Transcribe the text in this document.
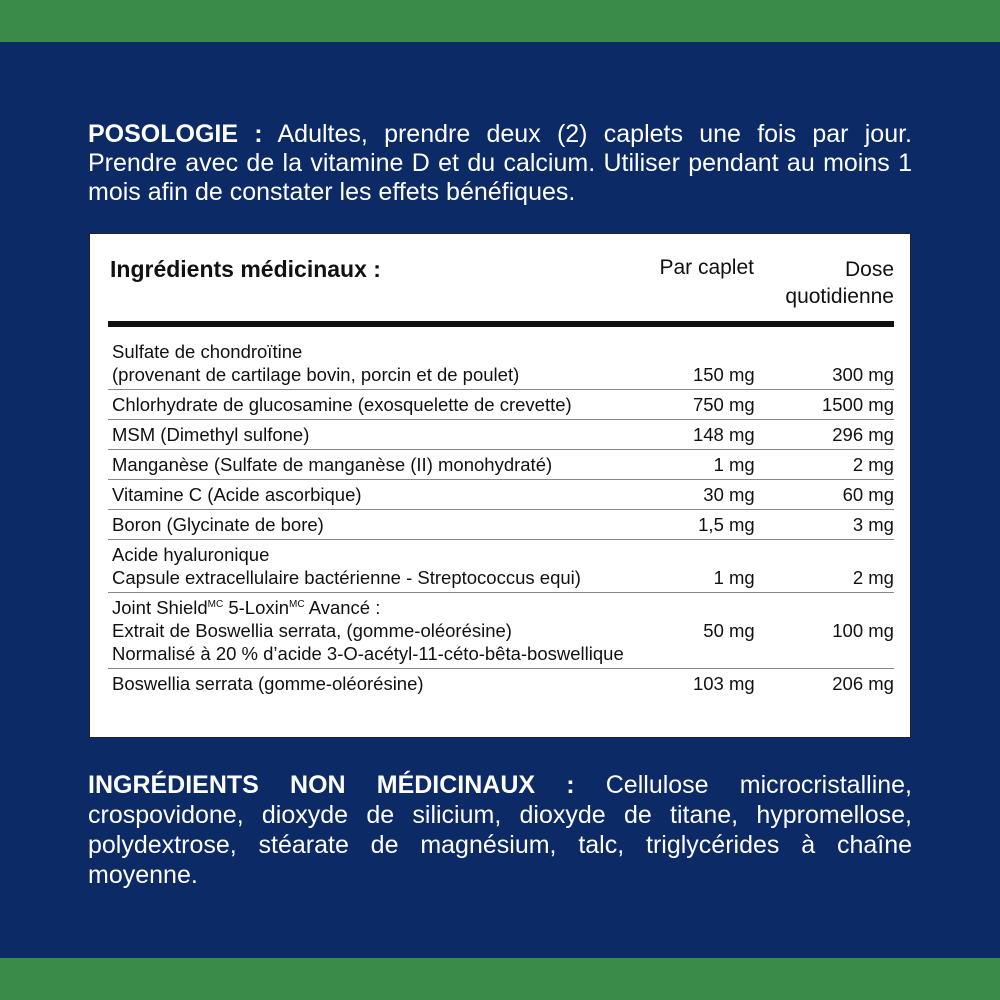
POSOLOGIE : Adultes, prendre deux (2) caplets une fois par jour. Prendre avec de la vitamine D et du calcium. Utiliser pendant au moins 1 mois afin de constater les effets bénéfiques.

Ingrédients médicinaux :	Par caplet	Dose
quotidienne
Sulfate de chondroïtine
(provenant de cartilage bovin, porcin et de poulet)	150 mg	300 mg
Chlorhydrate de glucosamine (exosquelette de crevette)	750 mg	1500 mg
MSM (Dimethyl sulfone)	148 mg	296 mg
Manganèse (Sulfate de manganèse (II) monohydraté)	1 mg	2 mg
Vitamine C (Acide ascorbique)	30 mg	60 mg
Boron (Glycinate de bore)	1,5 mg	3 mg
Acide hyaluronique
Capsule extracellulaire bactérienne - Streptococcus equi)	1 mg	2 mg
Joint Shield$^{MC}$ 5-Loxin$^{MC}$ Avancé :
Extrait de Boswellia serrata, (gomme-oléorésine)
Normalisé à 20 % d’acide 3-O-acétyl-11-céto-bêta-boswellique
50 mg	100 mg
Boswellia serrata (gomme-oléorésine)	103 mg	206 mg

INGRÉDIENTS NON MÉDICINAUX : Cellulose microcristalline, crospovidone, dioxyde de silicium, dioxyde de titane, hypromellose, polydextrose, stéarate de magnésium, talc, triglycérides à chaîne moyenne.
